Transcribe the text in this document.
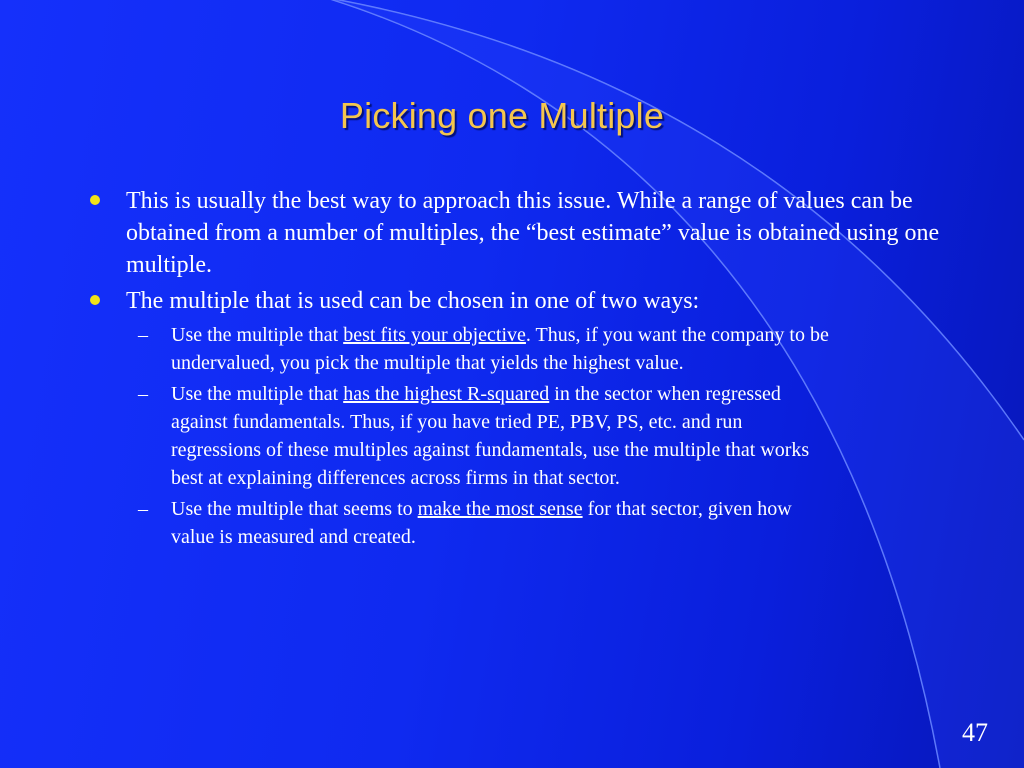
Picking one Multiple
This is usually the best way to approach this issue. While a range of values can be obtained from a number of multiples, the “best estimate” value is obtained using one multiple.
The multiple that is used can be chosen in one of two ways:
– Use the multiple that best fits your objective. Thus, if you want the company to be undervalued, you pick the multiple that yields the highest value.
– Use the multiple that has the highest R-squared in the sector when regressed against fundamentals. Thus, if you have tried PE, PBV, PS, etc. and run regressions of these multiples against fundamentals, use the multiple that works best at explaining differences across firms in that sector.
– Use the multiple that seems to make the most sense for that sector, given how value is measured and created.
47
